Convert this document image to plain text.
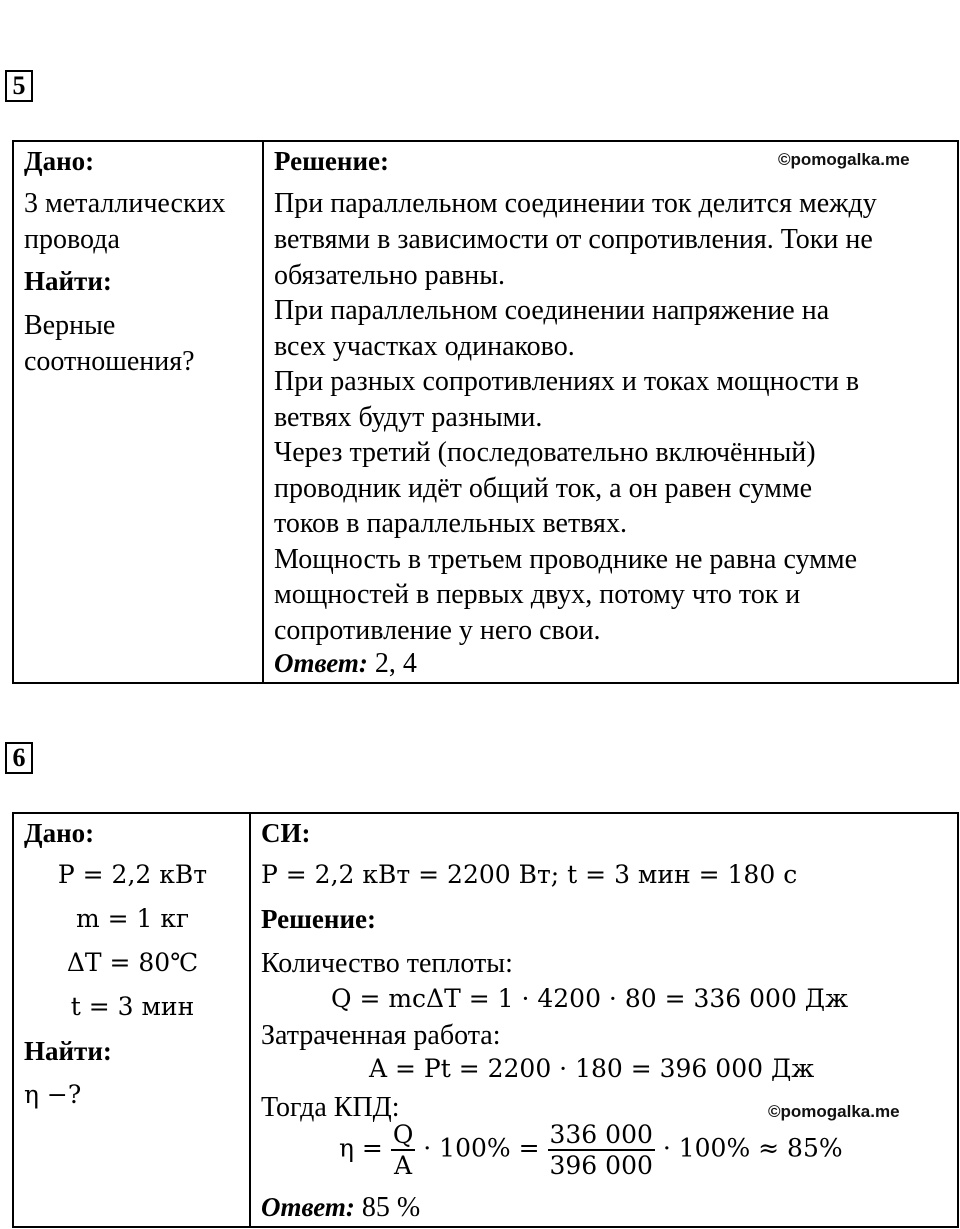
5
Дано:
3 металлических
провода
Найти:
Верные
соотношения?
Решение:	©pomogalka.me
При параллельном соединении ток делится между
ветвями в зависимости от сопротивления. Токи не
обязательно равны.
При параллельном соединении напряжение на
всех участках одинаково.
При разных сопротивлениях и токах мощности в
ветвях будут разными.
Через третий (последовательно включённый)
проводник идёт общий ток, а он равен сумме
токов в параллельных ветвях.
Мощность в третьем проводнике не равна сумме
мощностей в первых двух, потому что ток и
сопротивление у него свои.
Ответ: 2, 4
6
Дано:
P = 2,2 кВт
m = 1 кг
ΔT = 80℃
t = 3 мин
Найти:
η −?
СИ:
P = 2,2 кВт = 2200 Вт; t = 3 мин = 180 с
Решение:
Количество теплоты:
Q = mcΔT = 1 · 4200 · 80 = 336 000 Дж
Затраченная работа:
A = Pt = 2200 · 180 = 396 000 Дж
Тогда КПД:	©pomogalka.me
$\eta = \frac{Q}{A} \cdot 100\% = \frac{336 000}{396 000} \cdot 100\% \approx 85\%$
Ответ: 85 %
